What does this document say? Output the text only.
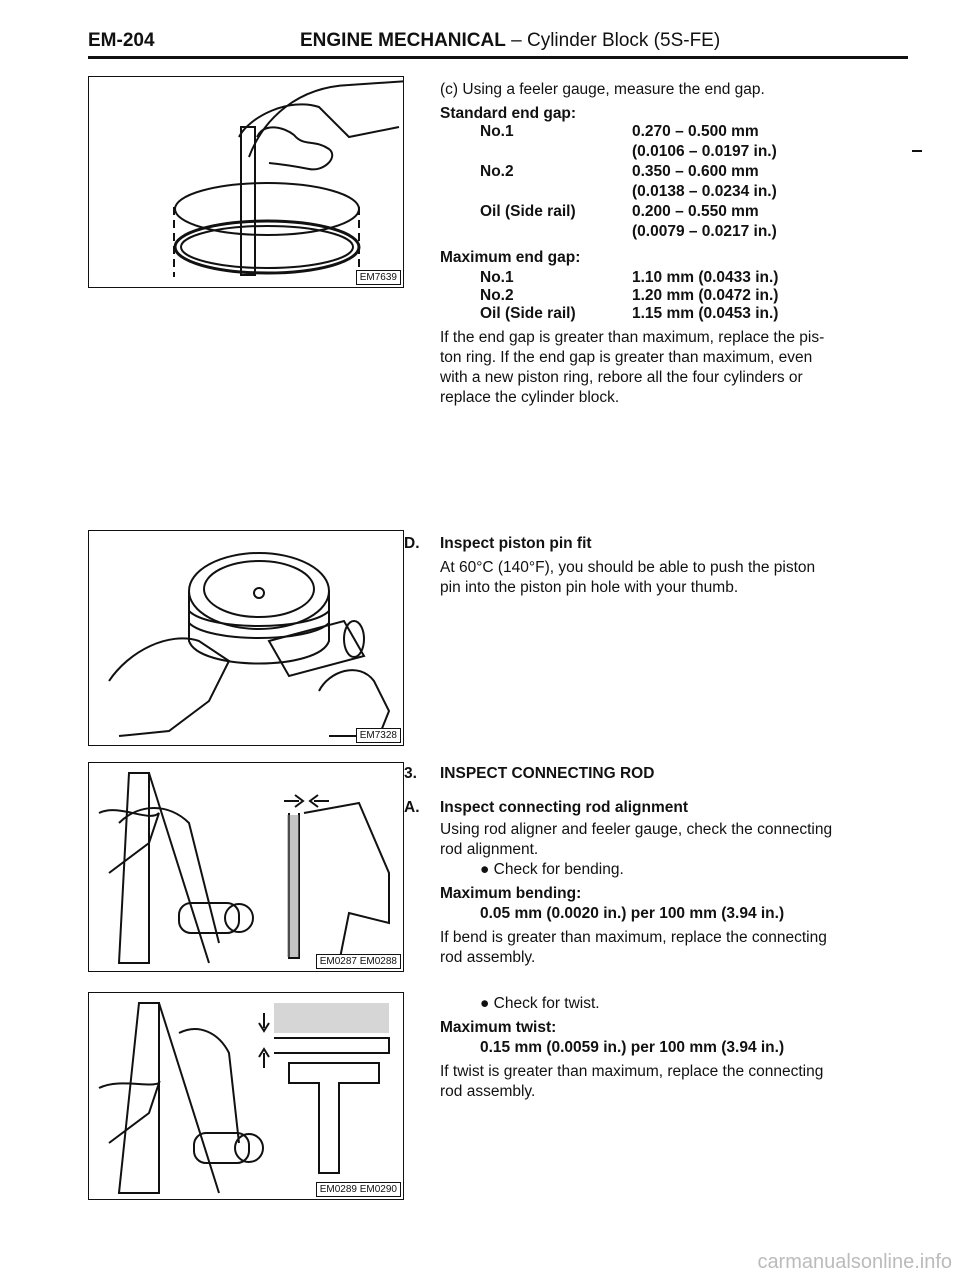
EM-204	ENGINE MECHANICAL – Cylinder Block (5S-FE)
EM7639
EM7328
EM0287 EM0288
EM0289 EM0290
(c) Using a feeler gauge, measure the end gap.
Standard end gap:
No.1	0.270 – 0.500 mm
(0.0106 – 0.0197 in.)
No.2	0.350 – 0.600 mm
(0.0138 – 0.0234 in.)
Oil (Side rail)	0.200 – 0.550 mm
(0.0079 – 0.0217 in.)
Maximum end gap:
No.1	1.10 mm (0.0433 in.)
No.2	1.20 mm (0.0472 in.)
Oil (Side rail)	1.15 mm (0.0453 in.)
If the end gap is greater than maximum, replace the pis-
ton ring. If the end gap is greater than maximum, even
with a new piston ring, rebore all the four cylinders or
replace the cylinder block.
D. Inspect piston pin fit
At 60°C (140°F), you should be able to push the piston
pin into the piston pin hole with your thumb.
3. INSPECT CONNECTING ROD
A. Inspect connecting rod alignment
Using rod aligner and feeler gauge, check the connecting
rod alignment.
● Check for bending.
Maximum bending:
0.05 mm (0.0020 in.) per 100 mm (3.94 in.)
If bend is greater than maximum, replace the connecting
rod assembly.
● Check for twist.
Maximum twist:
0.15 mm (0.0059 in.) per 100 mm (3.94 in.)
If twist is greater than maximum, replace the connecting
rod assembly.
carmanualsonline.info
